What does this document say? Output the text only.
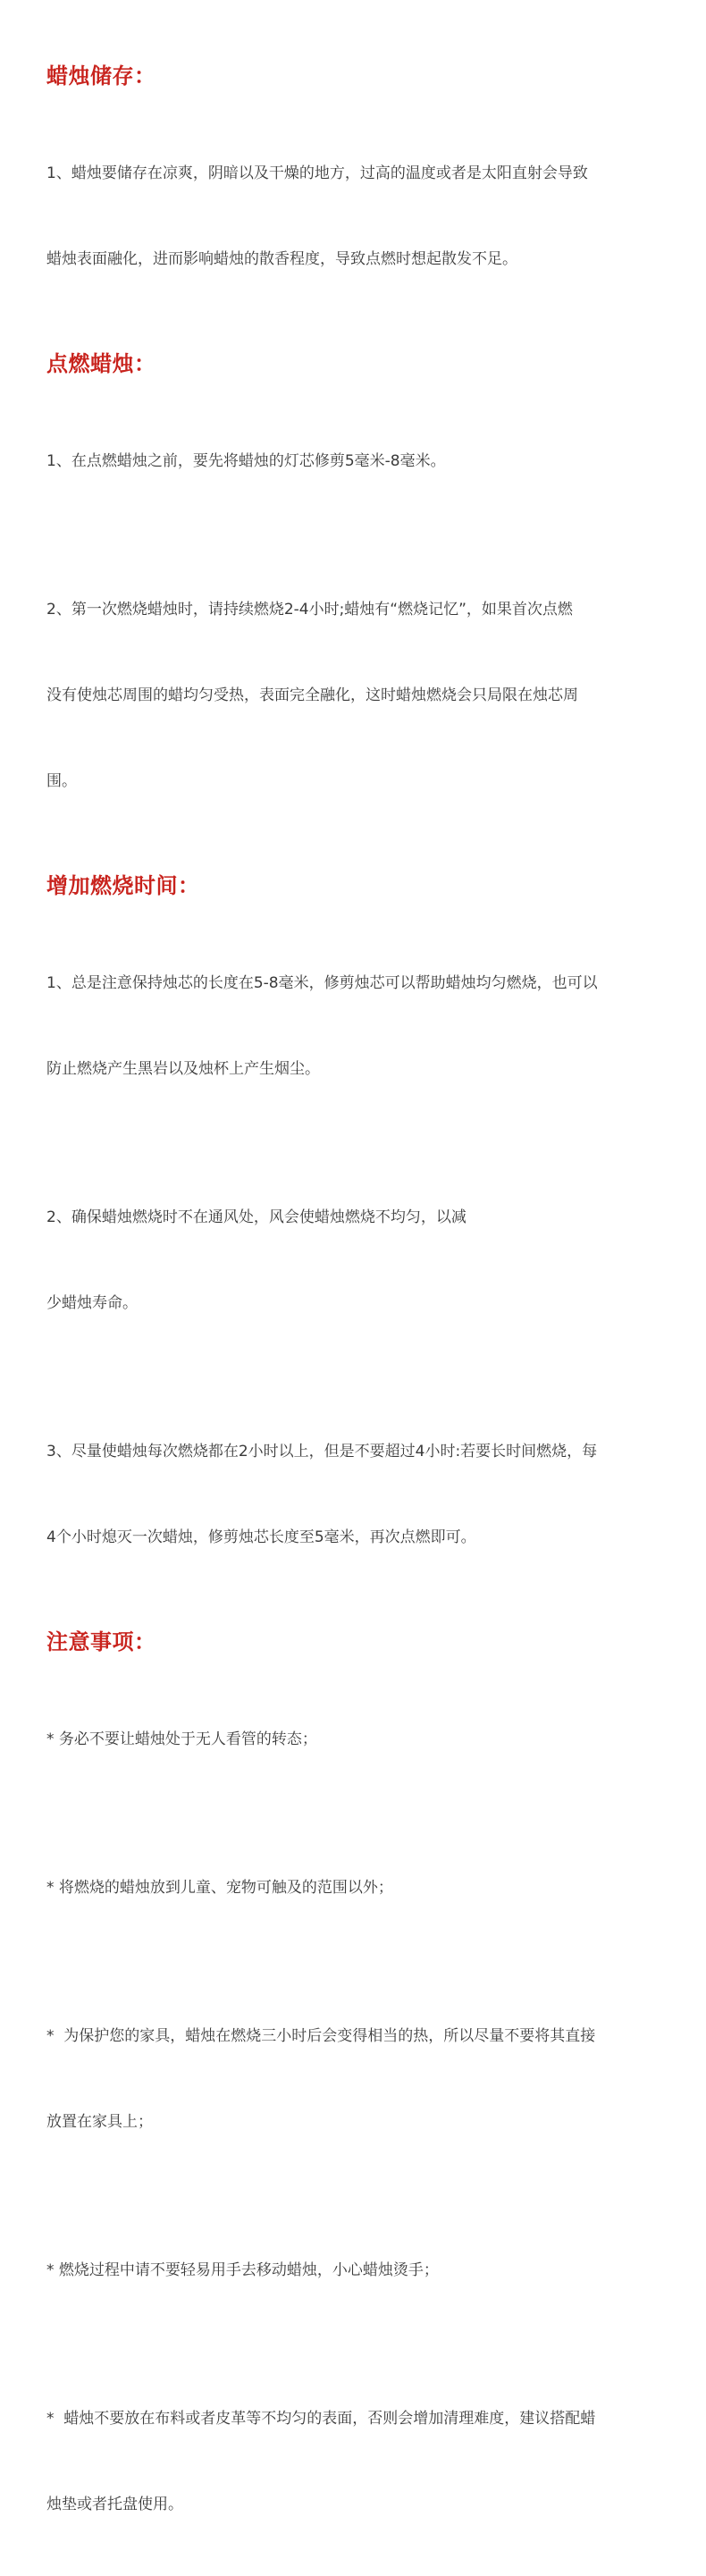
蜡烛储存：

1、蜡烛要储存在凉爽，阴暗以及干燥的地方，过高的温度或者是太阳直射会导致

蜡烛表面融化，进而影响蜡烛的散香程度，导致点燃时想起散发不足。

点燃蜡烛：

1、在点燃蜡烛之前，要先将蜡烛的灯芯修剪5毫米-8毫米。

2、第一次燃烧蜡烛时，请持续燃烧2-4小时;蜡烛有“燃烧记忆”，如果首次点燃

没有使烛芯周围的蜡均匀受热，表面完全融化，这时蜡烛燃烧会只局限在烛芯周

围。

增加燃烧时间：

1、总是注意保持烛芯的长度在5-8毫米，修剪烛芯可以帮助蜡烛均匀燃烧，也可以

防止燃烧产生黑岩以及烛杯上产生烟尘。

2、确保蜡烛燃烧时不在通风处，风会使蜡烛燃烧不均匀，以减

少蜡烛寿命。

3、尽量使蜡烛每次燃烧都在2小时以上，但是不要超过4小时:若要长时间燃烧，每

4个小时熄灭一次蜡烛，修剪烛芯长度至5毫米，再次点燃即可。

注意事项：

* 务必不要让蜡烛处于无人看管的转态；

* 将燃烧的蜡烛放到儿童、宠物可触及的范围以外；

*  为保护您的家具，蜡烛在燃烧三小时后会变得相当的热，所以尽量不要将其直接

放置在家具上；

* 燃烧过程中请不要轻易用手去移动蜡烛，小心蜡烛烫手；

*  蜡烛不要放在布料或者皮革等不均匀的表面，否则会增加清理难度，建议搭配蜡

烛垫或者托盘使用。
